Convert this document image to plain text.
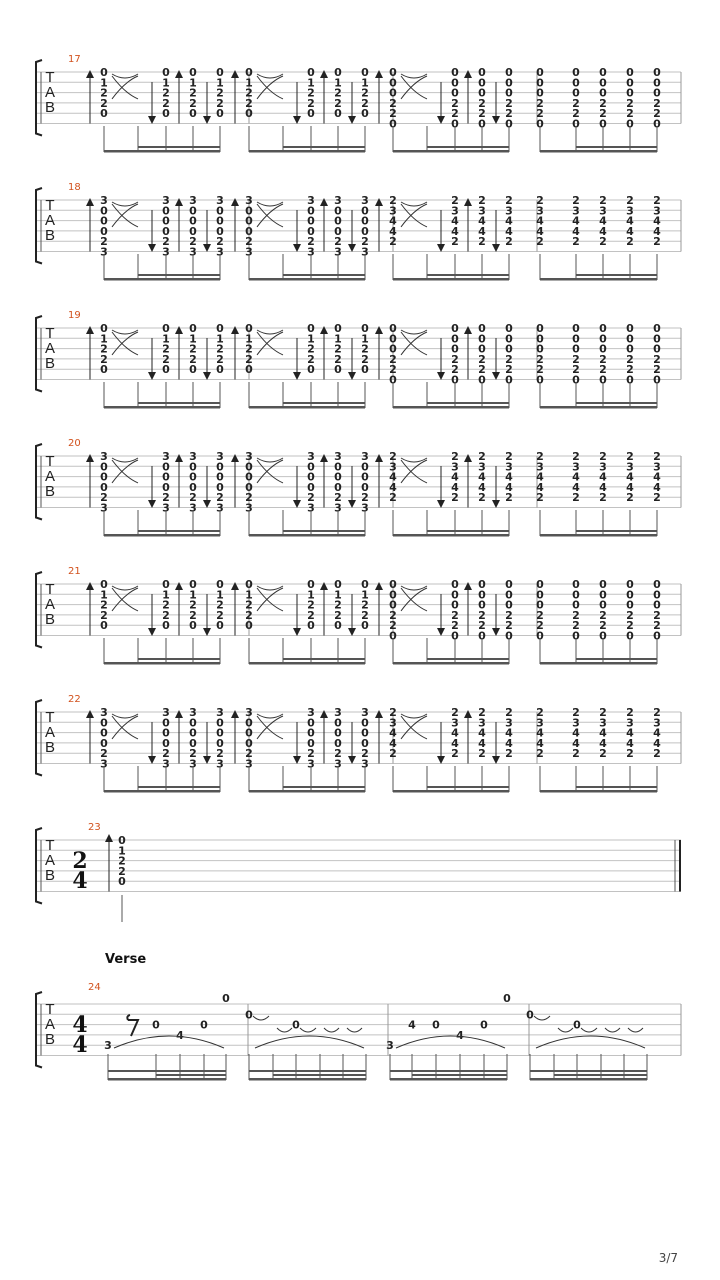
T
A
B
17
0
1
2
2
0
0
1
2
2
0
0
1
2
2
0
0
1
2
2
0
0
1
2
2
0
0
1
2
2
0
0
1
2
2
0
0
1
2
2
0
0
0
0
2
2
0
0
0
0
2
2
0
0
0
0
2
2
0
0
0
0
2
2
0
0
0
0
2
2
0
0
0
0
2
2
0
0
0
0
2
2
0
0
0
0
2
2
0
0
0
0
2
2
0
T
A
B
18
3
0
0
0
2
3
3
0
0
0
2
3
3
0
0
0
2
3
3
0
0
0
2
3
3
0
0
0
2
3
3
0
0
0
2
3
3
0
0
0
2
3
3
0
0
0
2
3
2
3
4
4
2
2
3
4
4
2
2
3
4
4
2
2
3
4
4
2
2
3
4
4
2
2
3
4
4
2
2
3
4
4
2
2
3
4
4
2
2
3
4
4
2
T
A
B
19
0
1
2
2
0
0
1
2
2
0
0
1
2
2
0
0
1
2
2
0
0
1
2
2
0
0
1
2
2
0
0
1
2
2
0
0
1
2
2
0
0
0
0
2
2
0
0
0
0
2
2
0
0
0
0
2
2
0
0
0
0
2
2
0
0
0
0
2
2
0
0
0
0
2
2
0
0
0
0
2
2
0
0
0
0
2
2
0
0
0
0
2
2
0
T
A
B
20
3
0
0
0
2
3
3
0
0
0
2
3
3
0
0
0
2
3
3
0
0
0
2
3
3
0
0
0
2
3
3
0
0
0
2
3
3
0
0
0
2
3
3
0
0
0
2
3
2
3
4
4
2
2
3
4
4
2
2
3
4
4
2
2
3
4
4
2
2
3
4
4
2
2
3
4
4
2
2
3
4
4
2
2
3
4
4
2
2
3
4
4
2
T
A
B
21
0
1
2
2
0
0
1
2
2
0
0
1
2
2
0
0
1
2
2
0
0
1
2
2
0
0
1
2
2
0
0
1
2
2
0
0
1
2
2
0
0
0
0
2
2
0
0
0
0
2
2
0
0
0
0
2
2
0
0
0
0
2
2
0
0
0
0
2
2
0
0
0
0
2
2
0
0
0
0
2
2
0
0
0
0
2
2
0
0
0
0
2
2
0
T
A
B
22
3
0
0
0
2
3
3
0
0
0
2
3
3
0
0
0
2
3
3
0
0
0
2
3
3
0
0
0
2
3
3
0
0
0
2
3
3
0
0
0
2
3
3
0
0
0
2
3
2
3
4
4
2
2
3
4
4
2
2
3
4
4
2
2
3
4
4
2
2
3
4
4
2
2
3
4
4
2
2
3
4
4
2
2
3
4
4
2
2
3
4
4
2
T
A
B
23
2
4
0
1
2
2
0
Verse
T
A
B
24
4
4 3
0
4
0
0
0
0
3
4 0
4
0
0
0
0
3/7
